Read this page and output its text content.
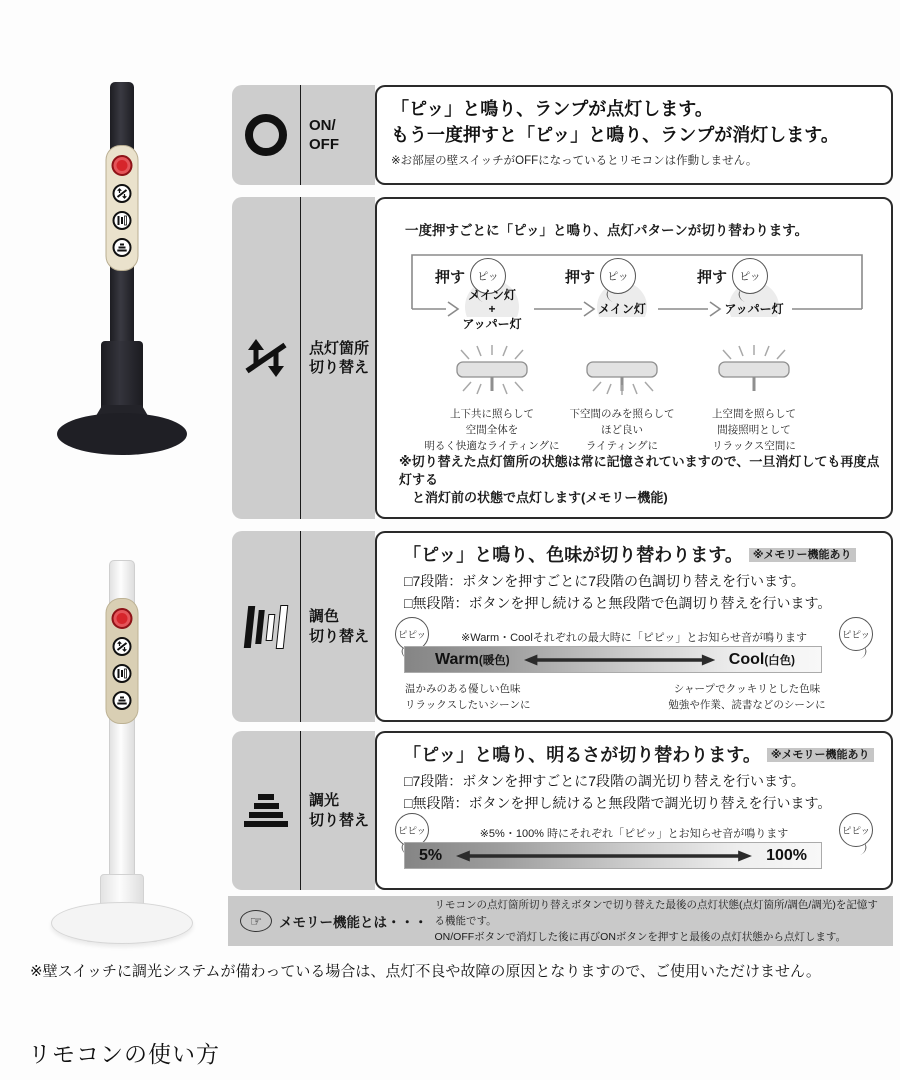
ON/
OFF
「ピッ」と鳴り、ランプが点灯します。
もう一度押すと「ピッ」と鳴り、ランプが消灯します。
※お部屋の壁スイッチがOFFになっているとリモコンは作動しません。
点灯箇所
切り替え
一度押すごとに「ピッ」と鳴り、点灯パターンが切り替わります。
押す ピッ	押す ピッ	押す ピッ
メイン灯
+
アッパー灯
メイン灯	アッパー灯
上下共に照らして
空間全体を
明るく快適なライティングに
下空間のみを照らして
ほど良い
ライティングに
上空間を照らして
間接照明として
リラックス空間に
※切り替えた点灯箇所の状態は常に記憶されていますので、一旦消灯しても再度点灯する
と消灯前の状態で点灯します(メモリー機能)
調色
切り替え
「ピッ」と鳴り、色味が切り替わります。 ※メモリー機能あり
□7段階：ボタンを押すごとに7段階の色調切り替えを行います。
□無段階：ボタンを押し続けると無段階で色調切り替えを行います。
ピピッ	ピピッ
※Warm・Coolそれぞれの最大時に「ピピッ」とお知らせ音が鳴ります
Warm(暖色)	Cool(白色)
温かみのある優しい色味
リラックスしたいシーンに
シャープでクッキリとした色味
勉強や作業、読書などのシーンに
調光
切り替え
「ピッ」と鳴り、明るさが切り替わります。 ※メモリー機能あり
□7段階：ボタンを押すごとに7段階の調光切り替えを行います。
□無段階：ボタンを押し続けると無段階で調光切り替えを行います。
ピピッ	ピピッ
※5%・100% 時にそれぞれ「ピピッ」とお知らせ音が鳴ります
5%	100%
☞	メモリー機能とは・・・
リモコンの点灯箇所切り替えボタンで切り替えた最後の点灯状態(点灯箇所/調色/調光)を記憶する機能です。
ON/OFFボタンで消灯した後に再びONボタンを押すと最後の点灯状態から点灯します。
※壁スイッチに調光システムが備わっている場合は、点灯不良や故障の原因となりますので、ご使用いただけません。
リモコンの使い方
